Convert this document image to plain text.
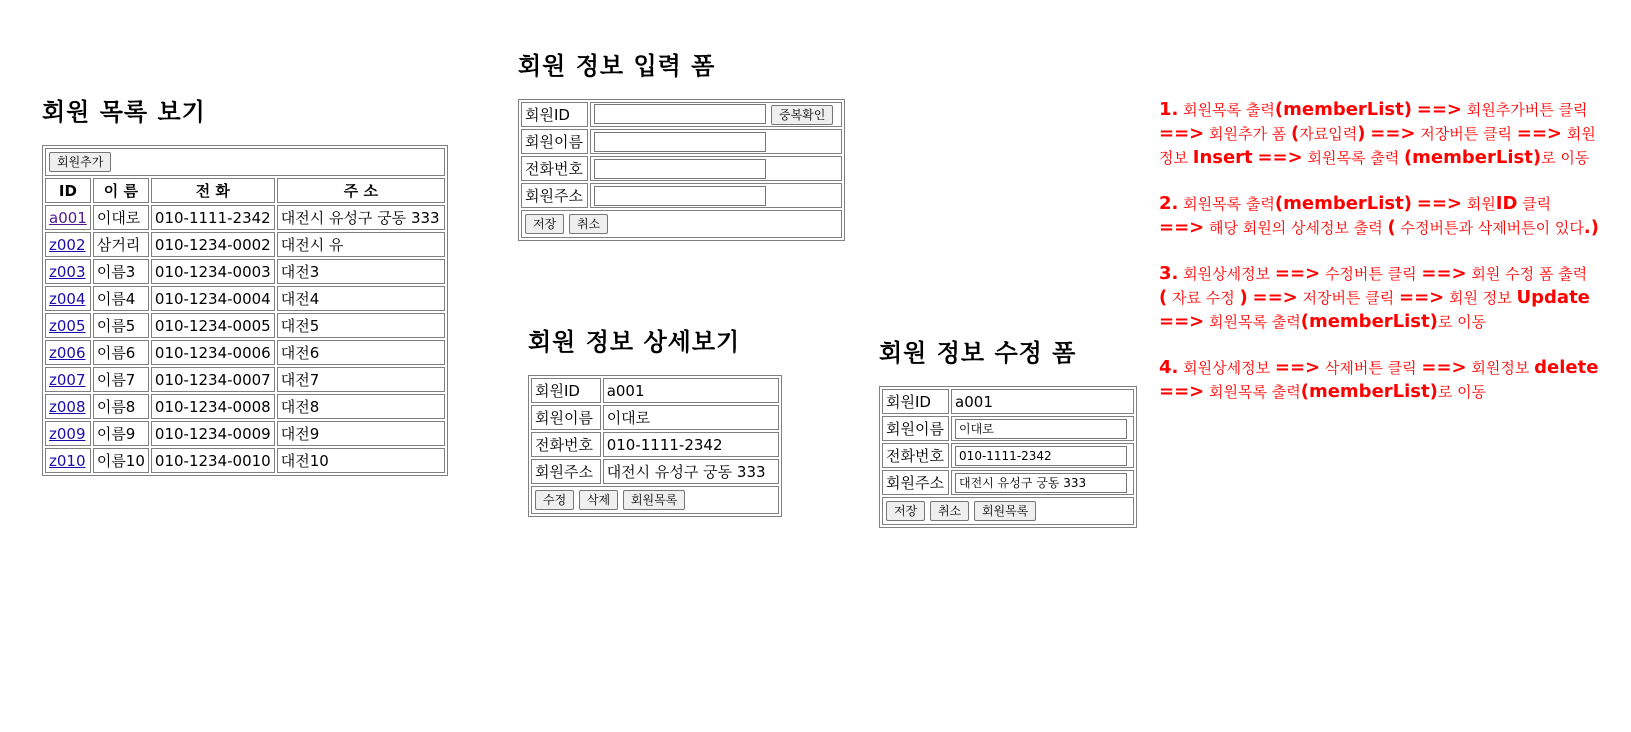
회원 목록 보기
회원추가			
ID	이 름	전 화	주 소
a001	이대로	010-1111-2342	대전시 유성구 궁동 333
z002	삼거리	010-1234-0002	대전시 유
z003	이름3	010-1234-0003	대전3
z004	이름4	010-1234-0004	대전4
z005	이름5	010-1234-0005	대전5
z006	이름6	010-1234-0006	대전6
z007	이름7	010-1234-0007	대전7
z008	이름8	010-1234-0008	대전8
z009	이름9	010-1234-0009	대전9
z010	이름10	010-1234-0010	대전10
회원 정보 입력 폼
회원ID	중복확인
회원이름	
전화번호	
회원주소	
저장 취소	
회원 정보 상세보기
회원ID	a001
회원이름	이대로
전화번호	010-1111-2342
회원주소	대전시 유성구 궁동 333
수정 삭제 회원목록	
회원 정보 수정 폼
회원ID	a001
회원이름	이대로
전화번호	010-1111-2342
회원주소	대전시 유성구 궁동 333
저장 취소 회원목록	

1. 회원목록 출력(memberList) ==> 회원추가버튼 클릭 ==> 회원추가 폼 (자료입력) ==> 저장버튼 클릭 ==> 회원정보 Insert ==> 회원목록 출력 (memberList)로 이동

2. 회원목록 출력(memberList) ==> 회원ID 클릭 ==> 해당 회원의 상세정보 출력 ( 수정버튼과 삭제버튼이 있다.)

3. 회원상세정보 ==> 수정버튼 클릭 ==> 회원 수정 폼 출력 ( 자료 수정 ) ==> 저장버튼 클릭 ==> 회원 정보 Update ==> 회원목록 출력(memberList)로 이동

4. 회원상세정보 ==> 삭제버튼 클릭 ==> 회원정보 delete ==> 회원목록 출력(memberList)로 이동
